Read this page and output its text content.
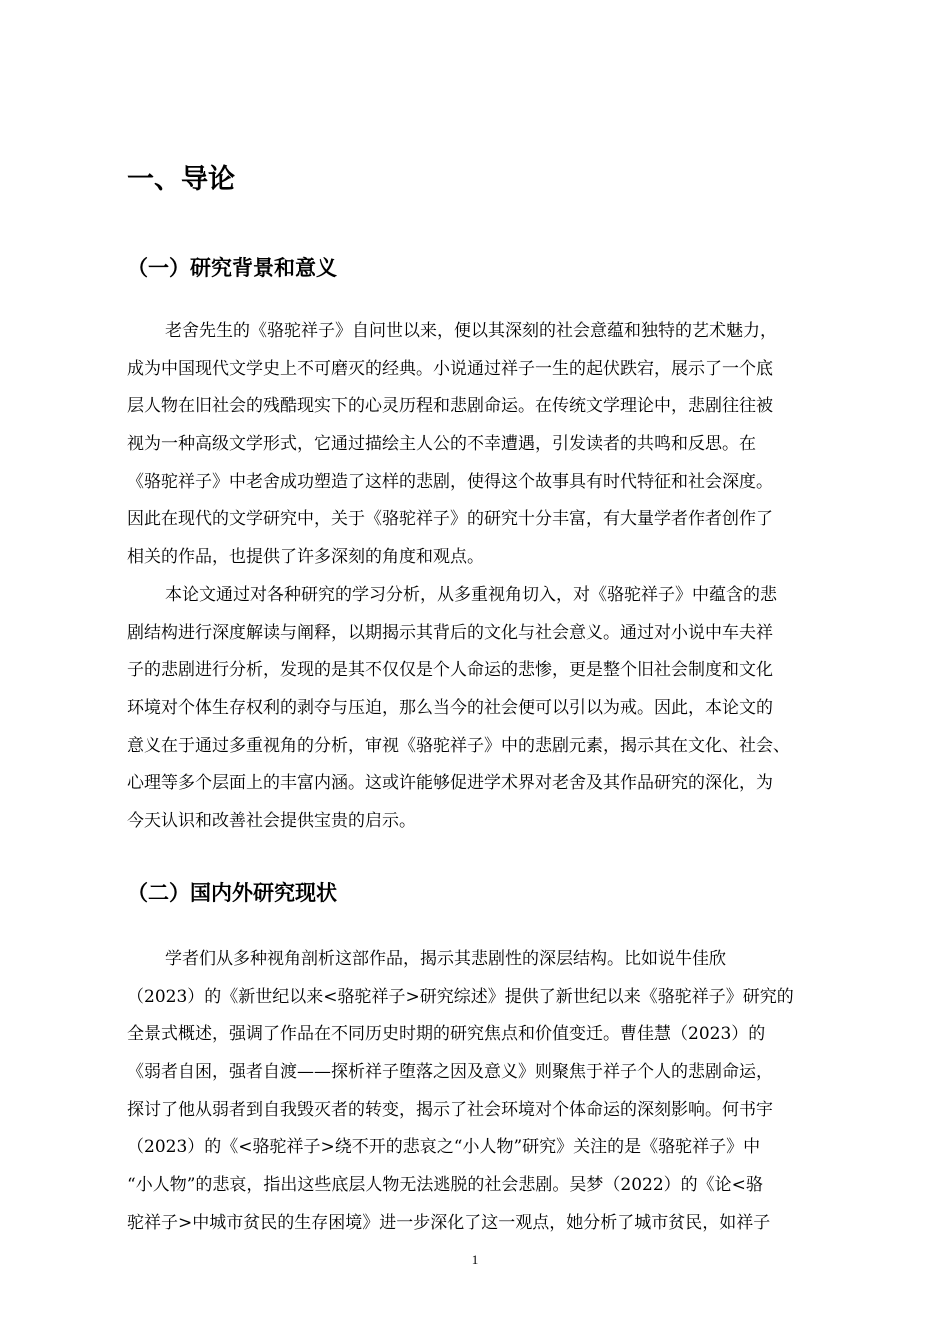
一、导论
（一）研究背景和意义
老舍先生的《骆驼祥子》自问世以来，便以其深刻的社会意蕴和独特的艺术魅力，
成为中国现代文学史上不可磨灭的经典。小说通过祥子一生的起伏跌宕，展示了一个底
层人物在旧社会的残酷现实下的心灵历程和悲剧命运。在传统文学理论中，悲剧往往被
视为一种高级文学形式，它通过描绘主人公的不幸遭遇，引发读者的共鸣和反思。在
《骆驼祥子》中老舍成功塑造了这样的悲剧，使得这个故事具有时代特征和社会深度。
因此在现代的文学研究中，关于《骆驼祥子》的研究十分丰富，有大量学者作者创作了
相关的作品，也提供了许多深刻的角度和观点。
本论文通过对各种研究的学习分析，从多重视角切入，对《骆驼祥子》中蕴含的悲
剧结构进行深度解读与阐释，以期揭示其背后的文化与社会意义。通过对小说中车夫祥
子的悲剧进行分析，发现的是其不仅仅是个人命运的悲惨，更是整个旧社会制度和文化
环境对个体生存权利的剥夺与压迫，那么当今的社会便可以引以为戒。因此，本论文的
意义在于通过多重视角的分析，审视《骆驼祥子》中的悲剧元素，揭示其在文化、社会、
心理等多个层面上的丰富内涵。这或许能够促进学术界对老舍及其作品研究的深化，为
今天认识和改善社会提供宝贵的启示。
（二）国内外研究现状
学者们从多种视角剖析这部作品，揭示其悲剧性的深层结构。比如说牛佳欣
（2023）的《新世纪以来<骆驼祥子>研究综述》提供了新世纪以来《骆驼祥子》研究的
全景式概述，强调了作品在不同历史时期的研究焦点和价值变迁。曹佳慧（2023）的
《弱者自困，强者自渡——探析祥子堕落之因及意义》则聚焦于祥子个人的悲剧命运，
探讨了他从弱者到自我毁灭者的转变，揭示了社会环境对个体命运的深刻影响。何书宇
（2023）的《<骆驼祥子>绕不开的悲哀之“小人物”研究》关注的是《骆驼祥子》中
“小人物”的悲哀，指出这些底层人物无法逃脱的社会悲剧。吴梦（2022）的《论<骆
驼祥子>中城市贫民的生存困境》进一步深化了这一观点，她分析了城市贫民，如祥子
1
